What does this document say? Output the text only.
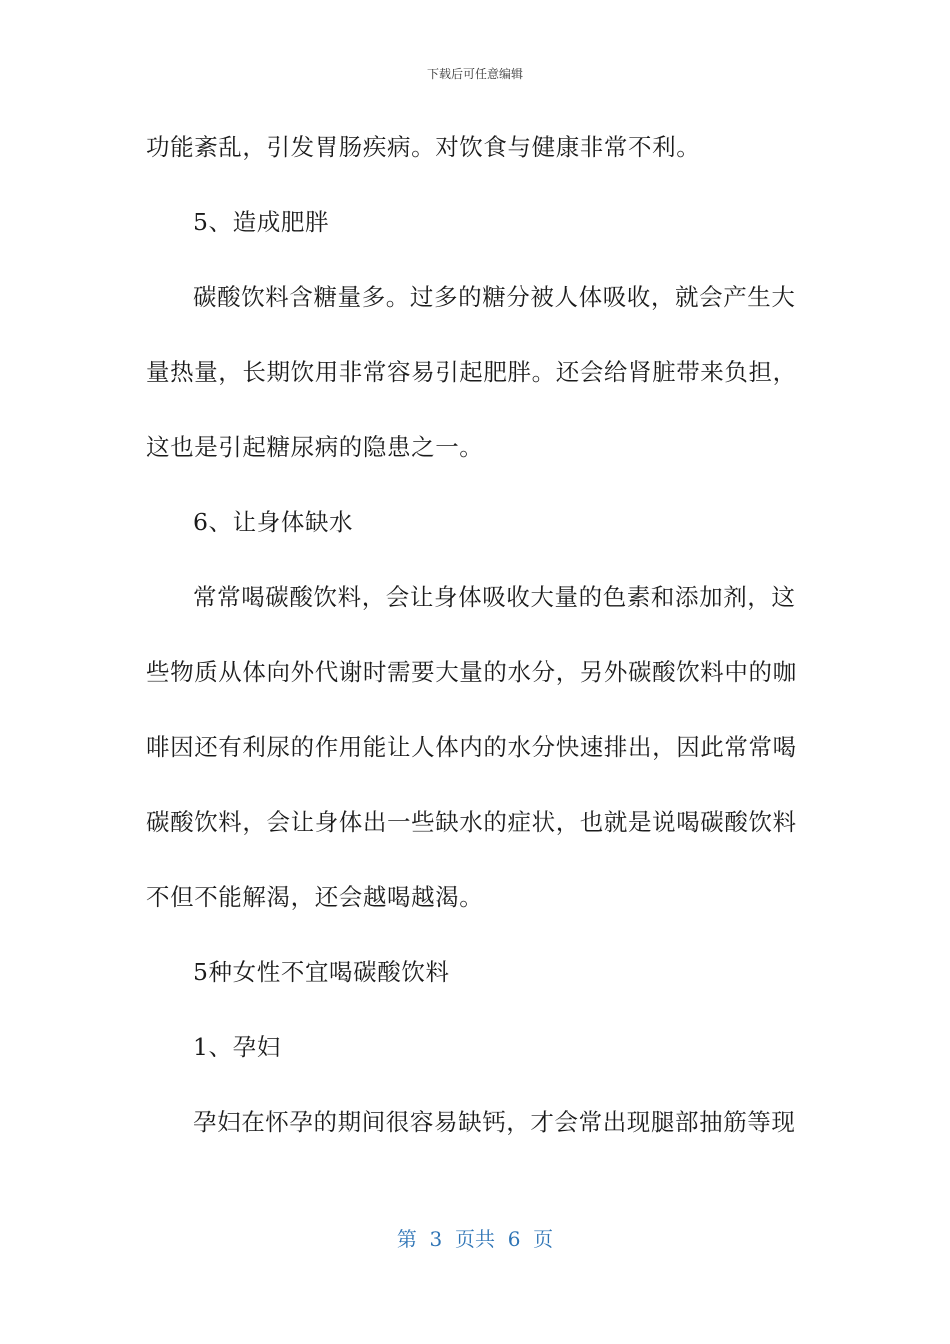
下载后可任意编辑
功能紊乱，引发胃肠疾病。对饮食与健康非常不利。
5、造成肥胖
碳酸饮料含糖量多。过多的糖分被人体吸收，就会产生大
量热量，长期饮用非常容易引起肥胖。还会给肾脏带来负担，
这也是引起糖尿病的隐患之一。
6、让身体缺水
常常喝碳酸饮料，会让身体吸收大量的色素和添加剂，这
些物质从体向外代谢时需要大量的水分，另外碳酸饮料中的咖
啡因还有利尿的作用能让人体内的水分快速排出，因此常常喝
碳酸饮料，会让身体出一些缺水的症状，也就是说喝碳酸饮料
不但不能解渴，还会越喝越渴。
5种女性不宜喝碳酸饮料
1、孕妇
孕妇在怀孕的期间很容易缺钙，才会常出现腿部抽筋等现
第  3  页共  6  页
